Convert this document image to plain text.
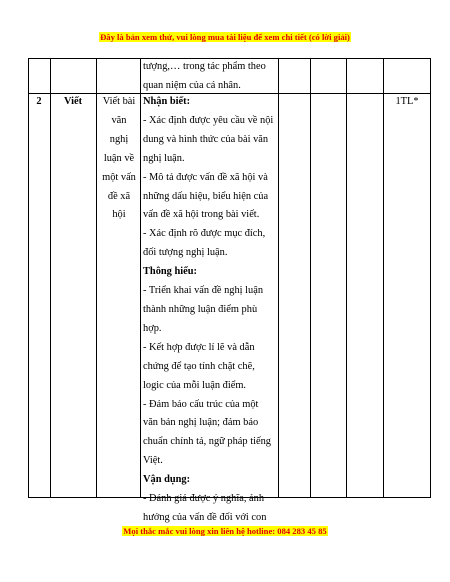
Đây là bản xem thử, vui lòng mua tài liệu để xem chi tiết (có lời giải)

tượng,… trong tác phẩm theo

quan niệm của cá nhân.

2	Viết	Viết bài
văn
nghị
luận về
một vấn
đề xã
hội

Nhận biết:

- Xác định được yêu cầu về nội

dung và hình thức của bài văn

nghị luận.

- Mô tả được vấn đề xã hội và

những dấu hiệu, biểu hiện của

vấn đề xã hội trong bài viết.

- Xác định rõ được mục đích,

đối tượng nghị luận.

Thông hiểu:

- Triển khai vấn đề nghị luận

thành những luận điểm phù

hợp.

- Kết hợp được lí lẽ và dẫn

chứng để tạo tính chặt chẽ,

logic của mỗi luận điểm.

- Đảm bảo cấu trúc của một

văn bản nghị luận; đảm bảo

chuẩn chính tả, ngữ pháp tiếng

Việt.

Vận dụng:

- Đánh giá được ý nghĩa, ảnh

hưởng của vấn đề đối với con

1TL*
Mọi thắc mắc vui lòng xin liên hệ hotline: 084 283 45 85
